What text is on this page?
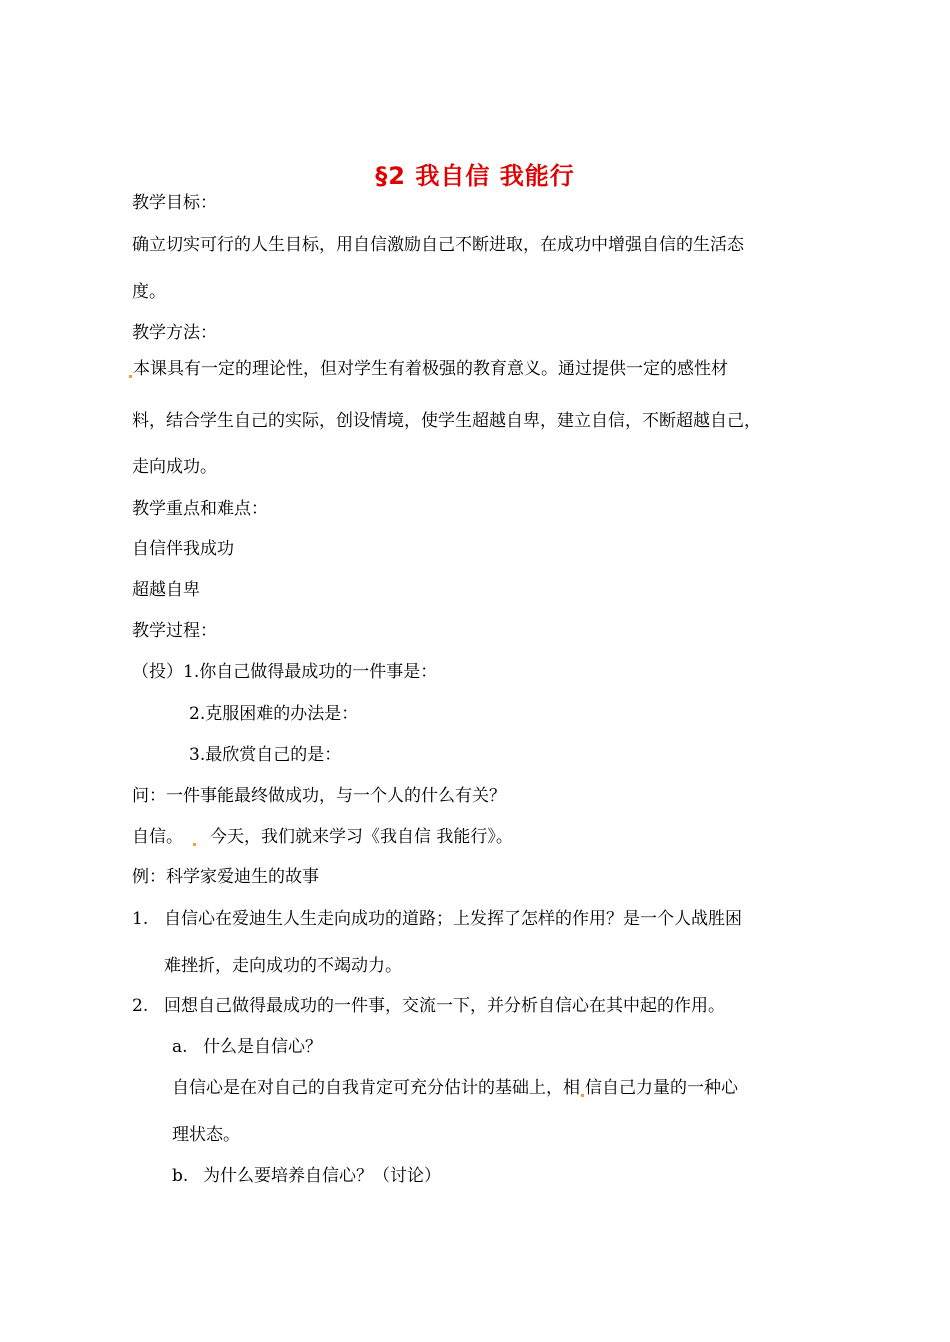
§2 我自信 我能行
教学目标：
确立切实可行的人生目标，用自信激励自己不断进取，在成功中增强自信的生活态
度。
教学方法：
本课具有一定的理论性，但对学生有着极强的教育意义。通过提供一定的感性材
料，结合学生自己的实际，创设情境，使学生超越自卑，建立自信，不断超越自己，
走向成功。
教学重点和难点：
自信伴我成功
超越自卑
教学过程：
（投）1.你自己做得最成功的一件事是：
2.克服困难的办法是：
3.最欣赏自己的是：
问：一件事能最终做成功，与一个人的什么有关？
自信。 今天，我们就来学习《我自信 我能行》。
例：科学家爱迪生的故事
1. 自信心在爱迪生人生走向成功的道路；上发挥了怎样的作用？是一个人战胜困
难挫折，走向成功的不竭动力。
2. 回想自己做得最成功的一件事，交流一下，并分析自信心在其中起的作用。
a. 什么是自信心？
自信心是在对自己的自我肯定可充分估计的基础上，相 信自己力量的一种心
理状态。
b. 为什么要培养自信心？（讨论）
